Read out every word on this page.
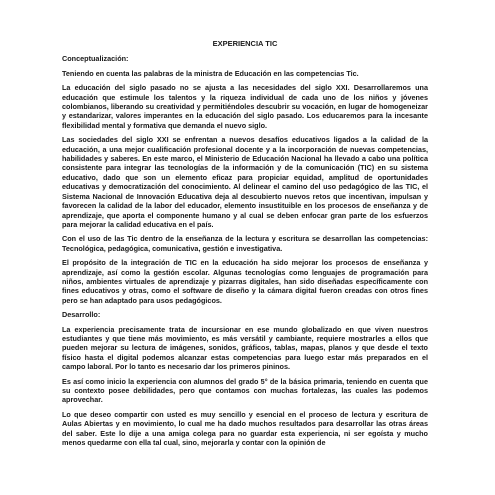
EXPERIENCIA TIC
Conceptualización:

Teniendo en cuenta las palabras de la ministra de Educación en las competencias Tic.

La educación del siglo pasado no se ajusta a las necesidades del siglo XXI. Desarrollaremos una educación que estimule los talentos y la riqueza individual de cada uno de los niños y jóvenes colombianos, liberando su creatividad y permitiéndoles descubrir su vocación, en lugar de homogeneizar y estandarizar, valores imperantes en la educación del siglo pasado. Los educaremos para la incesante flexibilidad mental y formativa que demanda el nuevo siglo.

Las sociedades del siglo XXI se enfrentan a nuevos desafíos educativos ligados a la calidad de la educación, a una mejor cualificación profesional docente y a la incorporación de nuevas competencias, habilidades y saberes. En este marco, el Ministerio de Educación Nacional ha llevado a cabo una política consistente para integrar las tecnologías de la información y de la comunicación (TIC) en su sistema educativo, dado que son un elemento eficaz para propiciar equidad, amplitud de oportunidades educativas y democratización del conocimiento. Al delinear el camino del uso pedagógico de las TIC, el Sistema Nacional de Innovación Educativa deja al descubierto nuevos retos que incentivan, impulsan y favorecen la calidad de la labor del educador, elemento insustituible en los procesos de enseñanza y de aprendizaje, que aporta el componente humano y al cual se deben enfocar gran parte de los esfuerzos para mejorar la calidad educativa en el país.

Con el uso de las Tic dentro de la enseñanza de la lectura y escritura se desarrollan las competencias: Tecnológica, pedagógica, comunicativa, gestión e investigativa.

El propósito de la integración de TIC en la educación ha sido mejorar los procesos de enseñanza y aprendizaje, así como la gestión escolar. Algunas tecnologías como lenguajes de programación para niños, ambientes virtuales de aprendizaje y pizarras digitales, han sido diseñadas específicamente con fines educativos y otras, como el software de diseño y la cámara digital fueron creadas con otros fines pero se han adaptado para usos pedagógicos.

Desarrollo:

La experiencia precisamente trata de incursionar en ese mundo globalizado en que viven nuestros estudiantes y que tiene más movimiento, es más versátil y cambiante, requiere mostrarles a ellos que pueden mejorar su lectura de imágenes, sonidos, gráficos, tablas, mapas, planos y que desde el texto físico hasta el digital podemos alcanzar estas competencias para luego estar más preparados en el campo laboral. Por lo tanto es necesario dar los primeros pininos.

Es así como inicio la experiencia con alumnos del grado 5° de la básica primaria, teniendo en cuenta que su contexto posee debilidades, pero que contamos con muchas fortalezas, las cuales las podemos aprovechar.

Lo que deseo compartir con usted es muy sencillo y esencial en el proceso de lectura y escritura de Aulas Abiertas y en movimiento, lo cual me ha dado muchos resultados para desarrollar las otras áreas del saber. Este lo dije a una amiga colega para no guardar esta experiencia, ni ser egoísta y mucho menos quedarme con ella tal cual, sino, mejorarla y contar con la opinión de
